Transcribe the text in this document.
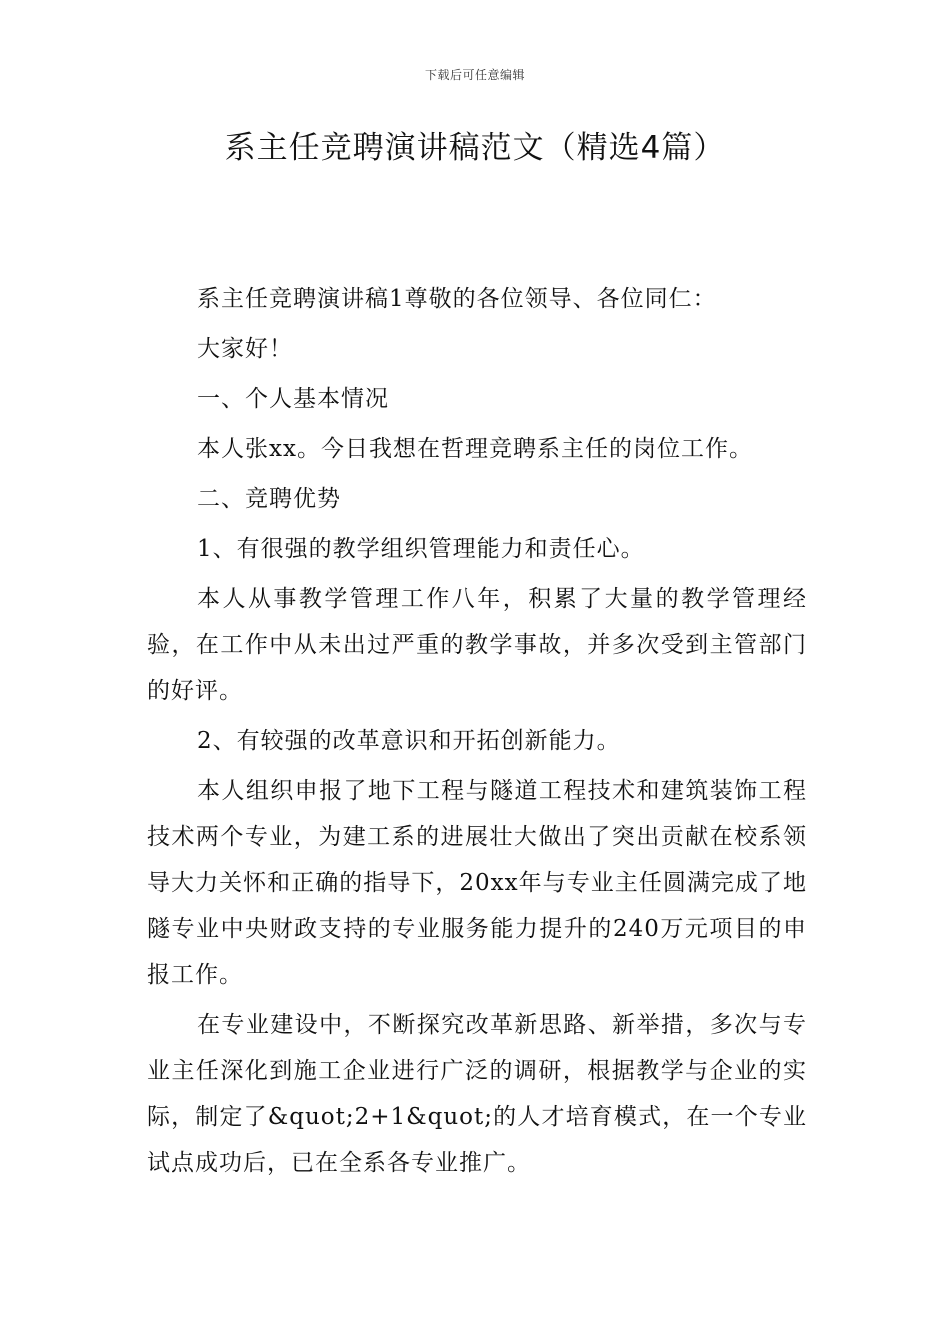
下载后可任意编辑
系主任竞聘演讲稿范文（精选4篇）

系主任竞聘演讲稿1尊敬的各位领导、各位同仁：

大家好！

一、个人基本情况

本人张xx。今日我想在哲理竞聘系主任的岗位工作。

二、竞聘优势

1、有很强的教学组织管理能力和责任心。

本人从事教学管理工作八年，积累了大量的教学管理经验，在工作中从未出过严重的教学事故，并多次受到主管部门的好评。

2、有较强的改革意识和开拓创新能力。

本人组织申报了地下工程与隧道工程技术和建筑装饰工程技术两个专业，为建工系的进展壮大做出了突出贡献在校系领导大力关怀和正确的指导下，20xx年与专业主任圆满完成了地隧专业中央财政支持的专业服务能力提升的240万元项目的申报工作。

在专业建设中，不断探究改革新思路、新举措，多次与专业主任深化到施工企业进行广泛的调研，根据教学与企业的实际，制定了&quot;2+1&quot;的人才培育模式，在一个专业试点成功后，已在全系各专业推广。
